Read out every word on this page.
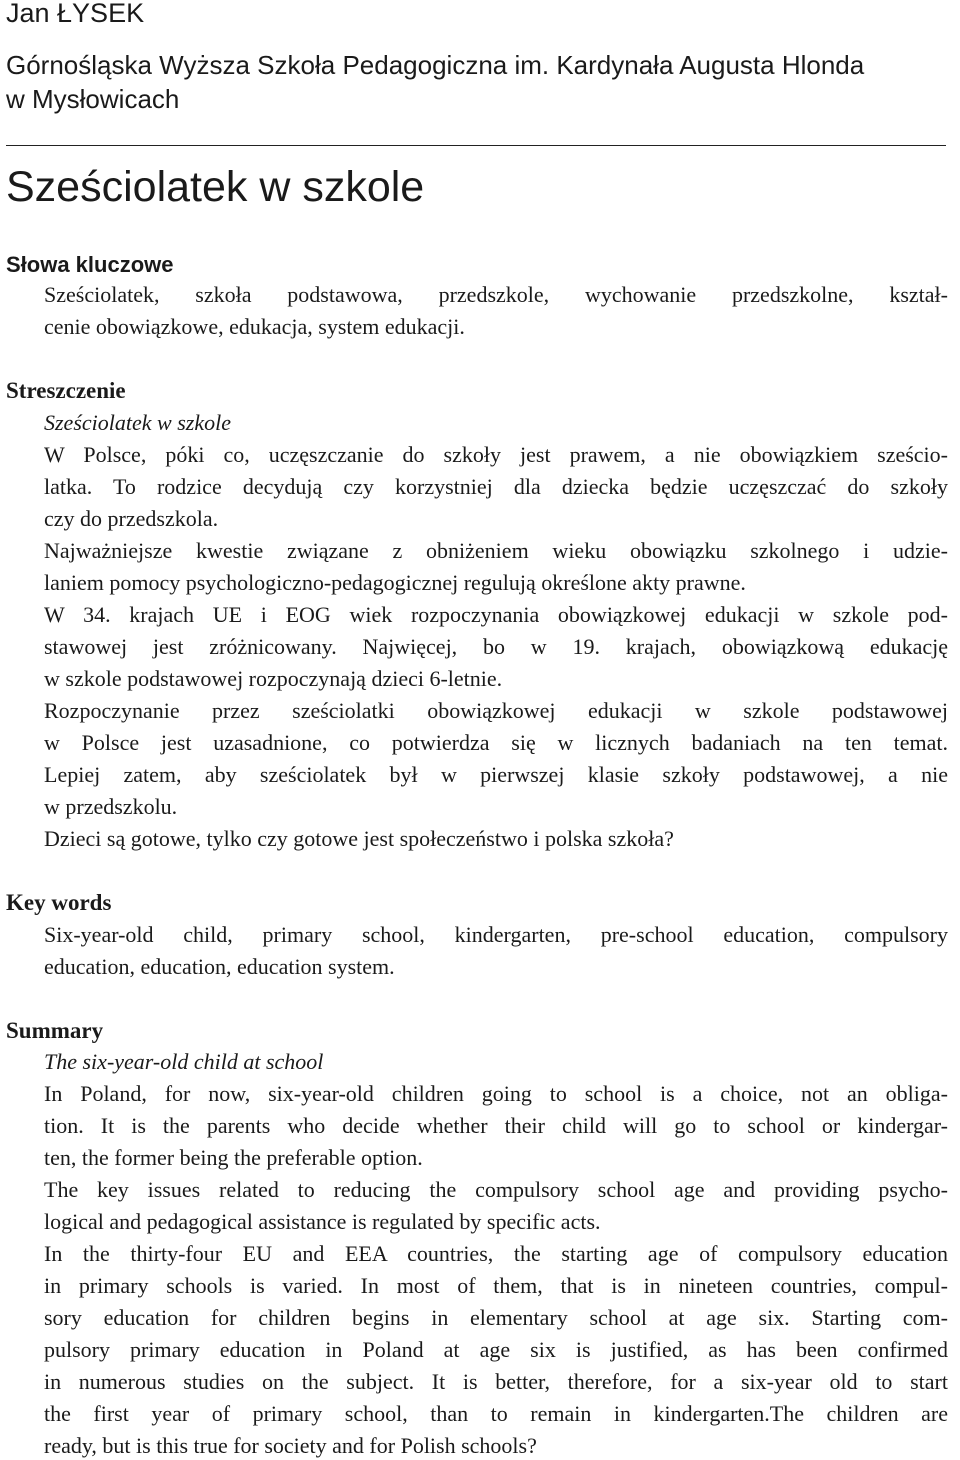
Jan ŁYSEK
Górnośląska Wyższa Szkoła Pedagogiczna im. Kardynała Augusta Hlonda
w Mysłowicach
Sześciolatek w szkole
Słowa kluczowe
Sześciolatek, szkoła podstawowa, przedszkole, wychowanie przedszkolne, kształ-
cenie obowiązkowe, edukacja, system edukacji.
Streszczenie
Sześciolatek w szkole
W Polsce, póki co, uczęszczanie do szkoły jest prawem, a nie obowiązkiem sześcio-
latka. To rodzice decydują czy korzystniej dla dziecka będzie uczęszczać do szkoły
czy do przedszkola.
Najważniejsze kwestie związane z obniżeniem wieku obowiązku szkolnego i udzie-
laniem pomocy psychologiczno-pedagogicznej regulują określone akty prawne.
W 34. krajach UE i EOG wiek rozpoczynania obowiązkowej edukacji w szkole pod-
stawowej jest zróżnicowany. Najwięcej, bo w 19. krajach, obowiązkową edukację
w szkole podstawowej rozpoczynają dzieci 6-letnie.
Rozpoczynanie przez sześciolatki obowiązkowej edukacji w szkole podstawowej
w Polsce jest uzasadnione, co potwierdza się w licznych badaniach na ten temat.
Lepiej zatem, aby sześciolatek był w pierwszej klasie szkoły podstawowej, a nie
w przedszkolu.
Dzieci są gotowe, tylko czy gotowe jest społeczeństwo i polska szkoła?
Key words
Six-year-old child, primary school, kindergarten, pre-school education, compulsory
education, education, education system.
Summary
The six-year-old child at school
In Poland, for now, six-year-old children going to school is a choice, not an obliga-
tion. It is the parents who decide whether their child will go to school or kindergar-
ten, the former being the preferable option.
The key issues related to reducing the compulsory school age and providing psycho-
logical and pedagogical assistance is regulated by specific acts.
In the thirty-four EU and EEA countries, the starting age of compulsory education
in primary schools is varied. In most of them, that is in nineteen countries, compul-
sory education for children begins in elementary school at age six. Starting com-
pulsory primary education in Poland at age six is justified, as has been confirmed
in numerous studies on the subject. It is better, therefore, for a six-year old to start
the first year of primary school, than to remain in kindergarten.The children are
ready, but is this true for society and for Polish schools?
